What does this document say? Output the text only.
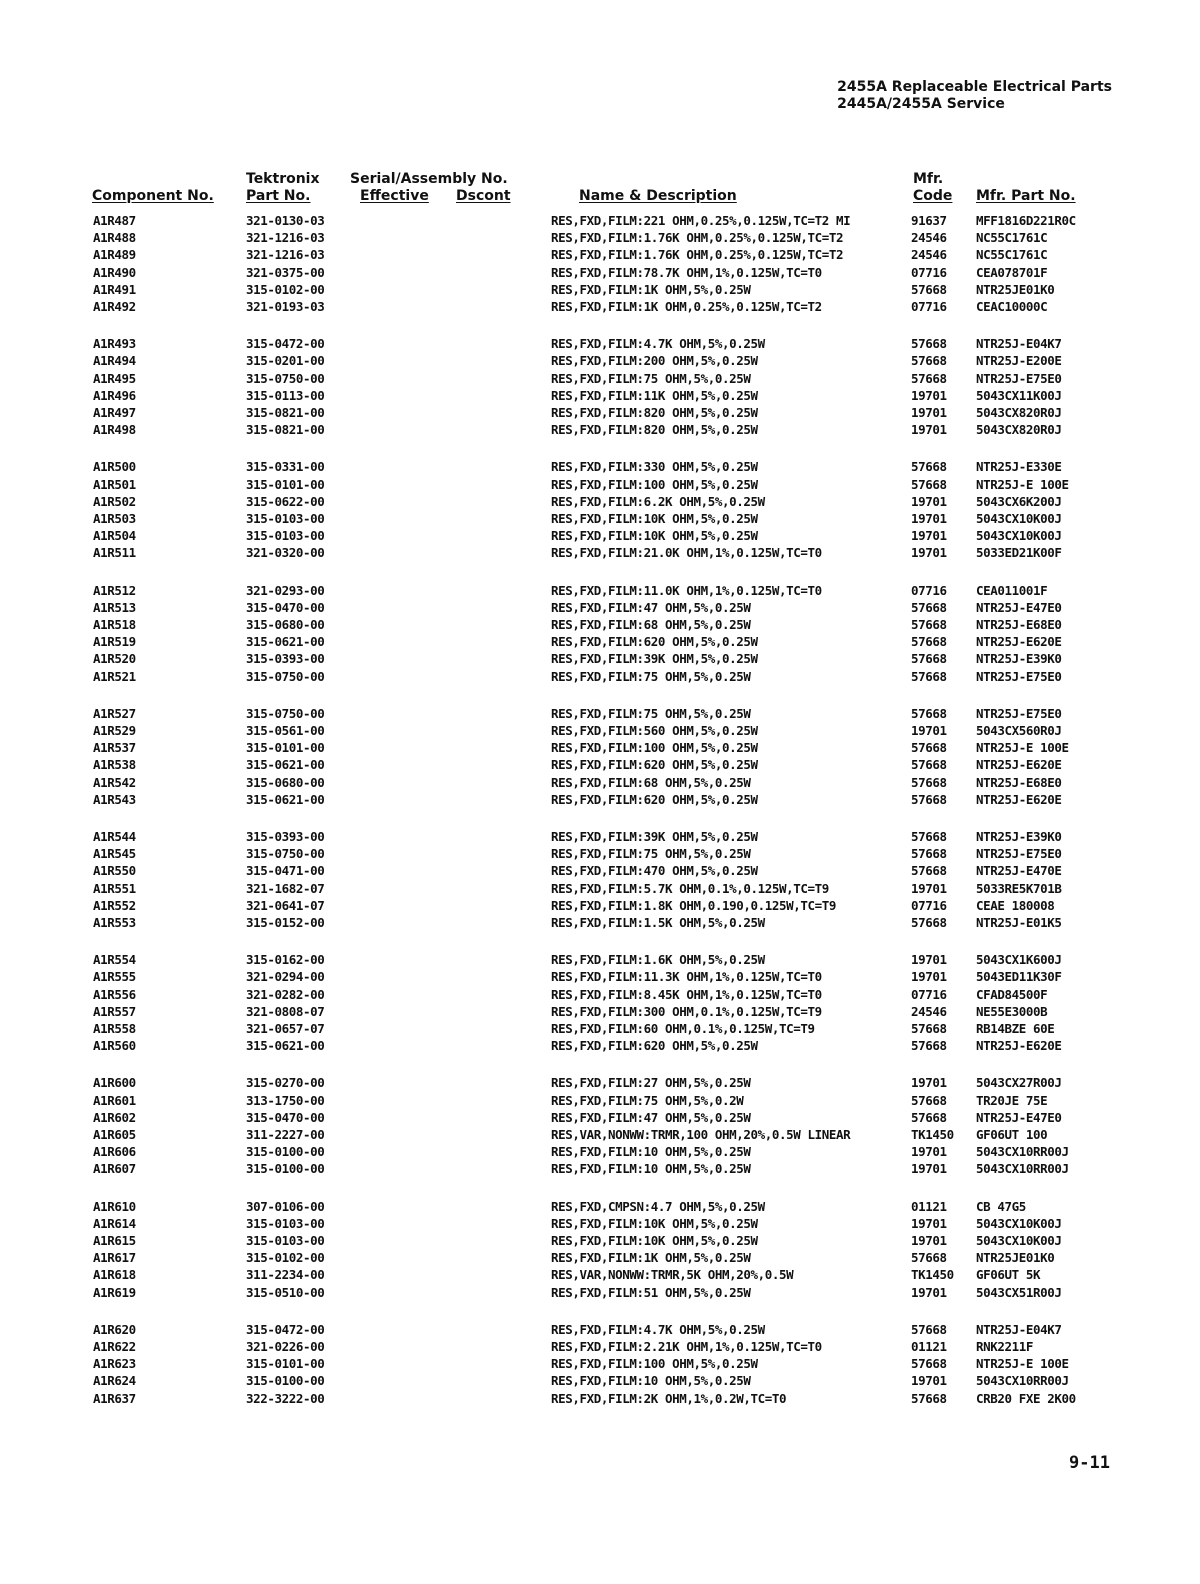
2455A Replaceable Electrical Parts
2445A/2455A Service
Component No.
Tektronix
Part No.
Serial/Assembly No.
Effective Dscont	Name & Description
Mfr.
Code Mfr. Part No.
A1R487	321-0130-03	RES,FXD,FILM:221 OHM,0.25%,0.125W,TC=T2 MI	91637 MFF1816D221R0C
A1R488	321-1216-03	RES,FXD,FILM:1.76K OHM,0.25%,0.125W,TC=T2	24546 NC55C1761C
A1R489	321-1216-03	RES,FXD,FILM:1.76K OHM,0.25%,0.125W,TC=T2	24546 NC55C1761C
A1R490	321-0375-00	RES,FXD,FILM:78.7K OHM,1%,0.125W,TC=T0	07716 CEA078701F
A1R491	315-0102-00	RES,FXD,FILM:1K OHM,5%,0.25W	57668 NTR25JE01K0
A1R492	321-0193-03	RES,FXD,FILM:1K OHM,0.25%,0.125W,TC=T2	07716 CEAC10000C
A1R493	315-0472-00	RES,FXD,FILM:4.7K OHM,5%,0.25W	57668 NTR25J-E04K7
A1R494	315-0201-00	RES,FXD,FILM:200 OHM,5%,0.25W	57668 NTR25J-E200E
A1R495	315-0750-00	RES,FXD,FILM:75 OHM,5%,0.25W	57668 NTR25J-E75E0
A1R496	315-0113-00	RES,FXD,FILM:11K OHM,5%,0.25W	19701 5043CX11K00J
A1R497	315-0821-00	RES,FXD,FILM:820 OHM,5%,0.25W	19701 5043CX820R0J
A1R498	315-0821-00	RES,FXD,FILM:820 OHM,5%,0.25W	19701 5043CX820R0J
A1R500	315-0331-00	RES,FXD,FILM:330 OHM,5%,0.25W	57668 NTR25J-E330E
A1R501	315-0101-00	RES,FXD,FILM:100 OHM,5%,0.25W	57668 NTR25J-E 100E
A1R502	315-0622-00	RES,FXD,FILM:6.2K OHM,5%,0.25W	19701 5043CX6K200J
A1R503	315-0103-00	RES,FXD,FILM:10K OHM,5%,0.25W	19701 5043CX10K00J
A1R504	315-0103-00	RES,FXD,FILM:10K OHM,5%,0.25W	19701 5043CX10K00J
A1R511	321-0320-00	RES,FXD,FILM:21.0K OHM,1%,0.125W,TC=T0	19701 5033ED21K00F
A1R512	321-0293-00	RES,FXD,FILM:11.0K OHM,1%,0.125W,TC=T0	07716 CEA011001F
A1R513	315-0470-00	RES,FXD,FILM:47 OHM,5%,0.25W	57668 NTR25J-E47E0
A1R518	315-0680-00	RES,FXD,FILM:68 OHM,5%,0.25W	57668 NTR25J-E68E0
A1R519	315-0621-00	RES,FXD,FILM:620 OHM,5%,0.25W	57668 NTR25J-E620E
A1R520	315-0393-00	RES,FXD,FILM:39K OHM,5%,0.25W	57668 NTR25J-E39K0
A1R521	315-0750-00	RES,FXD,FILM:75 OHM,5%,0.25W	57668 NTR25J-E75E0
A1R527	315-0750-00	RES,FXD,FILM:75 OHM,5%,0.25W	57668 NTR25J-E75E0
A1R529	315-0561-00	RES,FXD,FILM:560 OHM,5%,0.25W	19701 5043CX560R0J
A1R537	315-0101-00	RES,FXD,FILM:100 OHM,5%,0.25W	57668 NTR25J-E 100E
A1R538	315-0621-00	RES,FXD,FILM:620 OHM,5%,0.25W	57668 NTR25J-E620E
A1R542	315-0680-00	RES,FXD,FILM:68 OHM,5%,0.25W	57668 NTR25J-E68E0
A1R543	315-0621-00	RES,FXD,FILM:620 OHM,5%,0.25W	57668 NTR25J-E620E
A1R544	315-0393-00	RES,FXD,FILM:39K OHM,5%,0.25W	57668 NTR25J-E39K0
A1R545	315-0750-00	RES,FXD,FILM:75 OHM,5%,0.25W	57668 NTR25J-E75E0
A1R550	315-0471-00	RES,FXD,FILM:470 OHM,5%,0.25W	57668 NTR25J-E470E
A1R551	321-1682-07	RES,FXD,FILM:5.7K OHM,0.1%,0.125W,TC=T9	19701 5033RE5K701B
A1R552	321-0641-07	RES,FXD,FILM:1.8K OHM,0.190,0.125W,TC=T9	07716 CEAE 180008
A1R553	315-0152-00	RES,FXD,FILM:1.5K OHM,5%,0.25W	57668 NTR25J-E01K5
A1R554	315-0162-00	RES,FXD,FILM:1.6K OHM,5%,0.25W	19701 5043CX1K600J
A1R555	321-0294-00	RES,FXD,FILM:11.3K OHM,1%,0.125W,TC=T0	19701 5043ED11K30F
A1R556	321-0282-00	RES,FXD,FILM:8.45K OHM,1%,0.125W,TC=T0	07716 CFAD84500F
A1R557	321-0808-07	RES,FXD,FILM:300 OHM,0.1%,0.125W,TC=T9	24546 NE55E3000B
A1R558	321-0657-07	RES,FXD,FILM:60 OHM,0.1%,0.125W,TC=T9	57668 RB14BZE 60E
A1R560	315-0621-00	RES,FXD,FILM:620 OHM,5%,0.25W	57668 NTR25J-E620E
A1R600	315-0270-00	RES,FXD,FILM:27 OHM,5%,0.25W	19701 5043CX27R00J
A1R601	313-1750-00	RES,FXD,FILM:75 OHM,5%,0.2W	57668 TR20JE 75E
A1R602	315-0470-00	RES,FXD,FILM:47 OHM,5%,0.25W	57668 NTR25J-E47E0
A1R605	311-2227-00	RES,VAR,NONWW:TRMR,100 OHM,20%,0.5W LINEAR	TK1450 GF06UT 100
A1R606	315-0100-00	RES,FXD,FILM:10 OHM,5%,0.25W	19701 5043CX10RR00J
A1R607	315-0100-00	RES,FXD,FILM:10 OHM,5%,0.25W	19701 5043CX10RR00J
A1R610	307-0106-00	RES,FXD,CMPSN:4.7 OHM,5%,0.25W	01121 CB 47G5
A1R614	315-0103-00	RES,FXD,FILM:10K OHM,5%,0.25W	19701 5043CX10K00J
A1R615	315-0103-00	RES,FXD,FILM:10K OHM,5%,0.25W	19701 5043CX10K00J
A1R617	315-0102-00	RES,FXD,FILM:1K OHM,5%,0.25W	57668 NTR25JE01K0
A1R618	311-2234-00	RES,VAR,NONWW:TRMR,5K OHM,20%,0.5W	TK1450 GF06UT 5K
A1R619	315-0510-00	RES,FXD,FILM:51 OHM,5%,0.25W	19701 5043CX51R00J
A1R620	315-0472-00	RES,FXD,FILM:4.7K OHM,5%,0.25W	57668 NTR25J-E04K7
A1R622	321-0226-00	RES,FXD,FILM:2.21K OHM,1%,0.125W,TC=T0	01121 RNK2211F
A1R623	315-0101-00	RES,FXD,FILM:100 OHM,5%,0.25W	57668 NTR25J-E 100E
A1R624	315-0100-00	RES,FXD,FILM:10 OHM,5%,0.25W	19701 5043CX10RR00J
A1R637	322-3222-00	RES,FXD,FILM:2K OHM,1%,0.2W,TC=T0	57668 CRB20 FXE 2K00
9-11
